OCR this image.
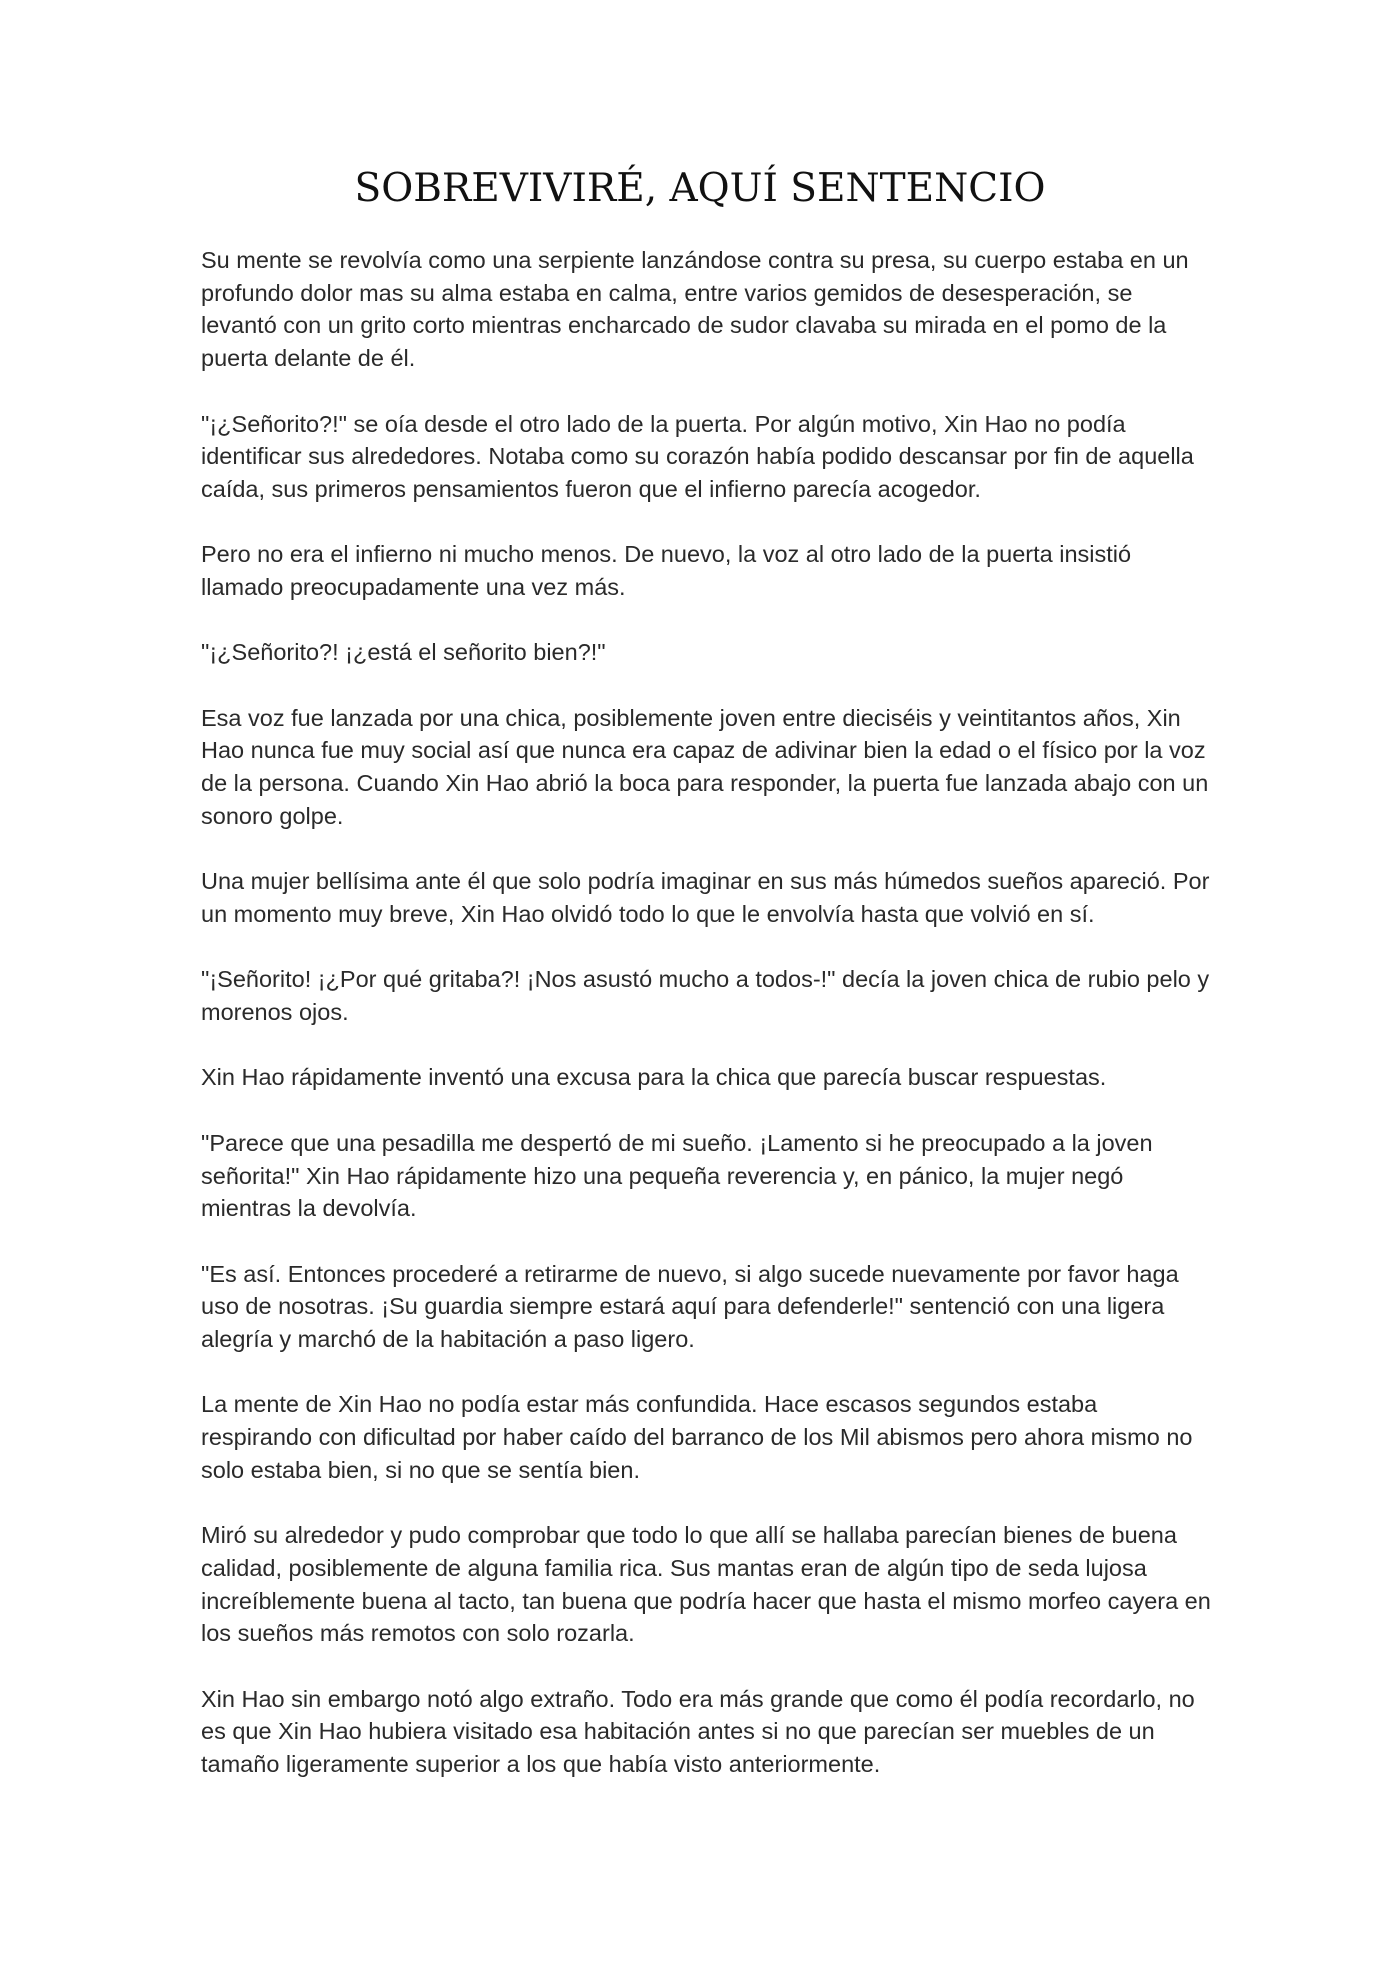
SOBREVIVIRÉ, AQUÍ SENTENCIO

Su mente se revolvía como una serpiente lanzándose contra su presa, su cuerpo estaba en un profundo dolor mas su alma estaba en calma, entre varios gemidos de desesperación, se levantó con un grito corto mientras encharcado de sudor clavaba su mirada en el pomo de la puerta delante de él.

"¡¿Señorito?!" se oía desde el otro lado de la puerta. Por algún motivo, Xin Hao no podía identificar sus alrededores. Notaba como su corazón había podido descansar por fin de aquella caída, sus primeros pensamientos fueron que el infierno parecía acogedor.

Pero no era el infierno ni mucho menos. De nuevo, la voz al otro lado de la puerta insistió llamado preocupadamente una vez más.

"¡¿Señorito?! ¡¿está el señorito bien?!"

Esa voz fue lanzada por una chica, posiblemente joven entre dieciséis y veintitantos años, Xin Hao nunca fue muy social así que nunca era capaz de adivinar bien la edad o el físico por la voz de la persona. Cuando Xin Hao abrió la boca para responder, la puerta fue lanzada abajo con un sonoro golpe.

Una mujer bellísima ante él que solo podría imaginar en sus más húmedos sueños apareció. Por un momento muy breve, Xin Hao olvidó todo lo que le envolvía hasta que volvió en sí.

"¡Señorito! ¡¿Por qué gritaba?! ¡Nos asustó mucho a todos-!" decía la joven chica de rubio pelo y morenos ojos.

Xin Hao rápidamente inventó una excusa para la chica que parecía buscar respuestas.

"Parece que una pesadilla me despertó de mi sueño. ¡Lamento si he preocupado a la joven señorita!" Xin Hao rápidamente hizo una pequeña reverencia y, en pánico, la mujer negó mientras la devolvía.

"Es así. Entonces procederé a retirarme de nuevo, si algo sucede nuevamente por favor haga uso de nosotras. ¡Su guardia siempre estará aquí para defenderle!" sentenció con una ligera alegría y marchó de la habitación a paso ligero.

La mente de Xin Hao no podía estar más confundida. Hace escasos segundos estaba respirando con dificultad por haber caído del barranco de los Mil abismos pero ahora mismo no solo estaba bien, si no que se sentía bien.

Miró su alrededor y pudo comprobar que todo lo que allí se hallaba parecían bienes de buena calidad, posiblemente de alguna familia rica. Sus mantas eran de algún tipo de seda lujosa increíblemente buena al tacto, tan buena que podría hacer que hasta el mismo morfeo cayera en los sueños más remotos con solo rozarla.

Xin Hao sin embargo notó algo extraño. Todo era más grande que como él podía recordarlo, no es que Xin Hao hubiera visitado esa habitación antes si no que parecían ser muebles de un tamaño ligeramente superior a los que había visto anteriormente.
